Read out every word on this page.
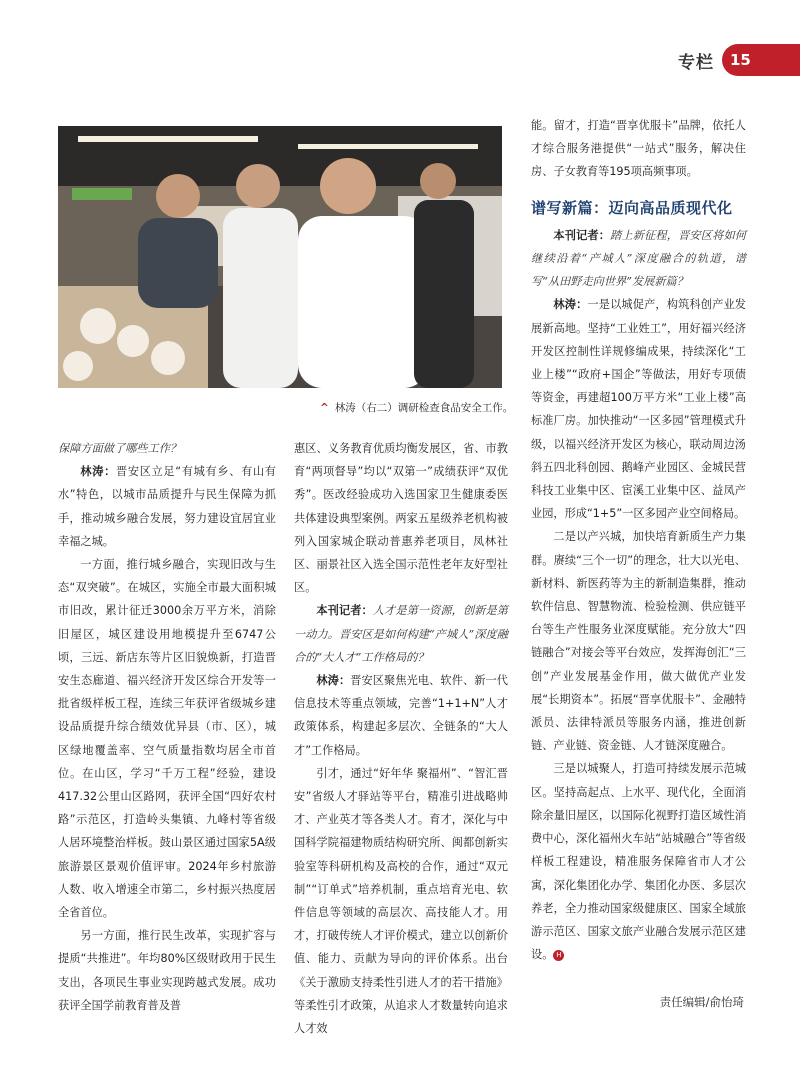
专栏	15
^ 林涛（右二）调研检查食品安全工作。

保障方面做了哪些工作？

林涛：晋安区立足“有城有乡、有山有水”特色，以城市品质提升与民生保障为抓手，推动城乡融合发展，努力建设宜居宜业幸福之城。

一方面，推行城乡融合，实现旧改与生态“双突破”。在城区，实施全市最大面积城市旧改，累计征迁3000余万平方米，消除旧屋区，城区建设用地模提升至6747公顷，三远、新店东等片区旧貌焕新，打造晋安生态廊道、福兴经济开发区综合开发等一批省级样板工程，连续三年获评省级城乡建设品质提升综合绩效优异县（市、区），城区绿地覆盖率、空气质量指数均居全市首位。在山区，学习“千万工程”经验，建设417.32公里山区路网，获评全国“四好农村路”示范区，打造岭头集镇、九峰村等省级人居环境整治样板。鼓山景区通过国家5A级旅游景区景观价值评审。2024年乡村旅游人数、收入增速全市第二，乡村振兴热度居全省首位。

另一方面，推行民生改革，实现扩容与提质“共推进”。年均80%区级财政用于民生支出，各项民生事业实现跨越式发展。成功获评全国学前教育普及普

惠区、义务教育优质均衡发展区，省、市教育“两项督导”均以“双第一”成绩获评“双优秀”。医改经验成功入选国家卫生健康委医共体建设典型案例。两家五星级养老机构被列入国家城企联动普惠养老项目，凤林社区、丽景社区入选全国示范性老年友好型社区。

本刊记者：人才是第一资源，创新是第一动力。晋安区是如何构建“产城人”深度融合的“大人才”工作格局的？

林涛：晋安区聚焦光电、软件、新一代信息技术等重点领域，完善“1+1+N”人才政策体系，构建起多层次、全链条的“大人才”工作格局。

引才，通过“好年华 聚福州”、“智汇晋安”省级人才驿站等平台，精准引进战略帅才、产业英才等各类人才。育才，深化与中国科学院福建物质结构研究所、闽都创新实验室等科研机构及高校的合作，通过“双元制”“订单式”培养机制，重点培育光电、软件信息等领域的高层次、高技能人才。用才，打破传统人才评价模式，建立以创新价值、能力、贡献为导向的评价体系。出台《关于激励支持柔性引进人才的若干措施》等柔性引才政策，从追求人才数量转向追求人才效

能。留才，打造“晋享优服卡”品牌，依托人才综合服务港提供“一站式”服务，解决住房、子女教育等195项高频事项。

谱写新篇：迈向高品质现代化

本刊记者：踏上新征程，晋安区将如何继续沿着“产城人”深度融合的轨道，谱写“从田野走向世界”发展新篇？

林涛：一是以城促产，构筑科创产业发展新高地。坚持“工业姓工”，用好福兴经济开发区控制性详规修编成果，持续深化“工业上楼”“政府+国企”等做法，用好专项债等资金，再建超100万平方米“工业上楼”高标准厂房。加快推动“一区多园”管理模式升级，以福兴经济开发区为核心，联动周边汤斜五四北科创园、鹅峰产业园区、金城民营科技工业集中区、宦溪工业集中区、益凤产业园，形成“1+5”一区多园产业空间格局。

二是以产兴城，加快培育新质生产力集群。赓续“三个一切”的理念，壮大以光电、新材料、新医药等为主的新制造集群，推动软件信息、智慧物流、检验检测、供应链平台等生产性服务业深度赋能。充分放大“四链融合”对接会等平台效应，发挥海创汇“三创”产业发展基金作用，做大做优产业发展“长期资本”。拓展“晋享优服卡”、金融特派员、法律特派员等服务内涵，推进创新链、产业链、资金链、人才链深度融合。

三是以城聚人，打造可持续发展示范城区。坚持高起点、上水平、现代化，全面消除余量旧屋区，以国际化视野打造区域性消费中心，深化福州火车站“站城融合”等省级样板工程建设，精准服务保障省市人才公寓，深化集团化办学、集团化办医、多层次养老，全力推动国家级健康区、国家全域旅游示范区、国家文旅产业融合发展示范区建设。 H

责任编辑/俞怡琦
